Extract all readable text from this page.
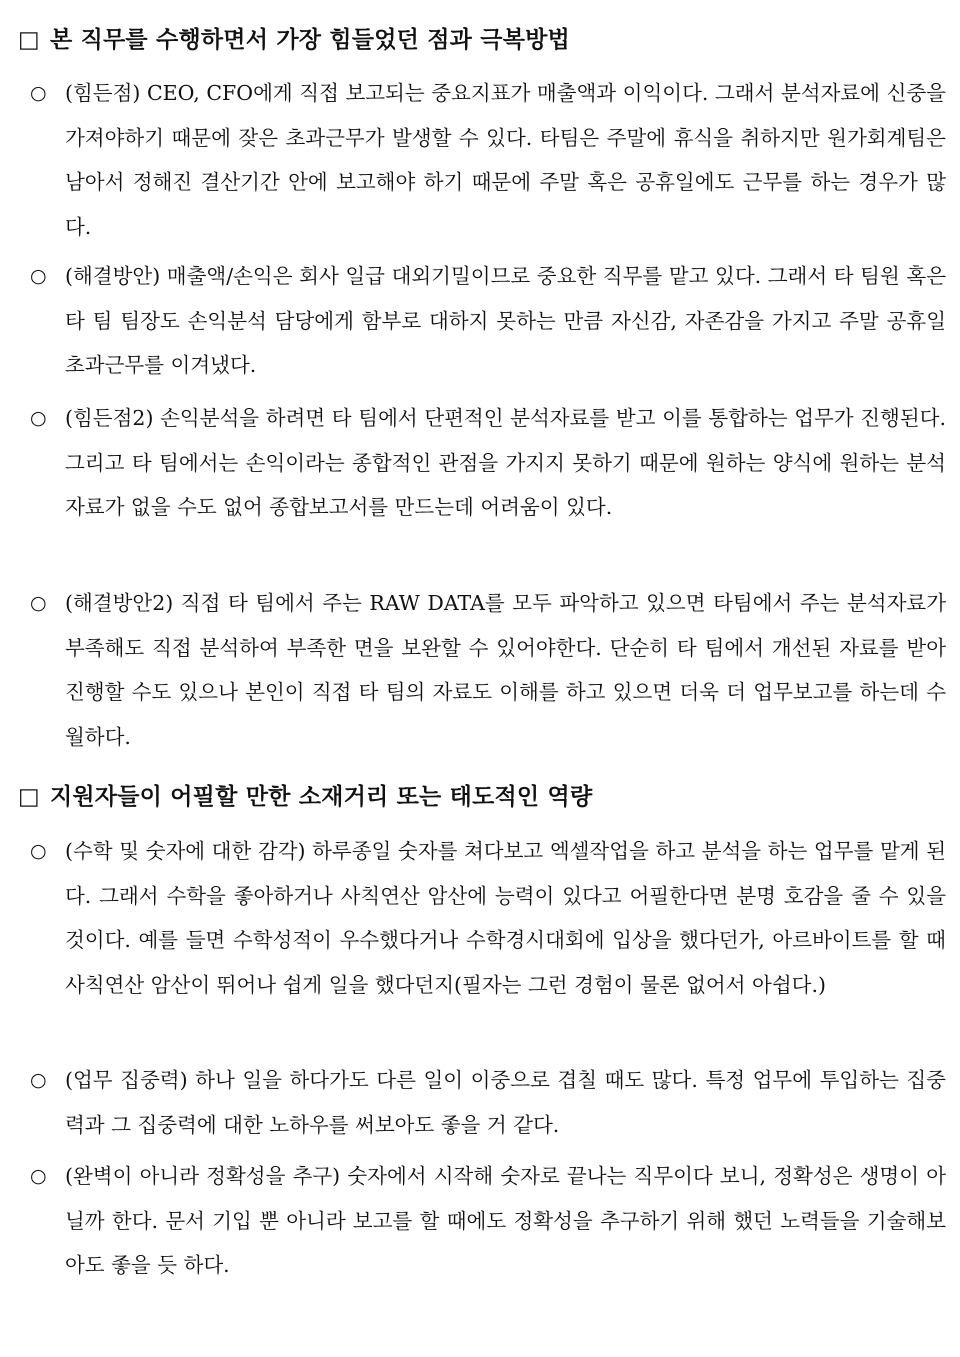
□ 본 직무를 수행하면서 가장 힘들었던 점과 극복방법
○ (힘든점) CEO, CFO에게 직접 보고되는 중요지표가 매출액과 이익이다. 그래서 분석자료에 신중을 가져야하기 때문에 잦은 초과근무가 발생할 수 있다. 타팀은 주말에 휴식을 취하지만 원가회계팀은 남아서 정해진 결산기간 안에 보고해야 하기 때문에 주말 혹은 공휴일에도 근무를 하는 경우가 많다.
○ (해결방안) 매출액/손익은 회사 일급 대외기밀이므로 중요한 직무를 맡고 있다. 그래서 타 팀원 혹은 타 팀 팀장도 손익분석 담당에게 함부로 대하지 못하는 만큼 자신감, 자존감을 가지고 주말 공휴일 초과근무를 이겨냈다.
○ (힘든점2) 손익분석을 하려면 타 팀에서 단편적인 분석자료를 받고 이를 통합하는 업무가 진행된다. 그리고 타 팀에서는 손익이라는 종합적인 관점을 가지지 못하기 때문에 원하는 양식에 원하는 분석자료가 없을 수도 없어 종합보고서를 만드는데 어려움이 있다.
○ (해결방안2) 직접 타 팀에서 주는 RAW DATA를 모두 파악하고 있으면 타팀에서 주는 분석자료가 부족해도 직접 분석하여 부족한 면을 보완할 수 있어야한다. 단순히 타 팀에서 개선된 자료를 받아 진행할 수도 있으나 본인이 직접 타 팀의 자료도 이해를 하고 있으면 더욱 더 업무보고를 하는데 수월하다.
□ 지원자들이 어필할 만한 소재거리 또는 태도적인 역량
○ (수학 및 숫자에 대한 감각) 하루종일 숫자를 쳐다보고 엑셀작업을 하고 분석을 하는 업무를 맡게 된다. 그래서 수학을 좋아하거나 사칙연산 암산에 능력이 있다고 어필한다면 분명 호감을 줄 수 있을 것이다. 예를 들면 수학성적이 우수했다거나 수학경시대회에 입상을 했다던가, 아르바이트를 할 때 사칙연산 암산이 뛰어나 쉽게 일을 했다던지(필자는 그런 경험이 물론 없어서 아쉽다.)
○ (업무 집중력) 하나 일을 하다가도 다른 일이 이중으로 겹칠 때도 많다. 특정 업무에 투입하는 집중력과 그 집중력에 대한 노하우를 써보아도 좋을 거 같다.
○ (완벽이 아니라 정확성을 추구) 숫자에서 시작해 숫자로 끝나는 직무이다 보니, 정확성은 생명이 아닐까 한다. 문서 기입 뿐 아니라 보고를 할 때에도 정확성을 추구하기 위해 했던 노력들을 기술해보아도 좋을 듯 하다.
